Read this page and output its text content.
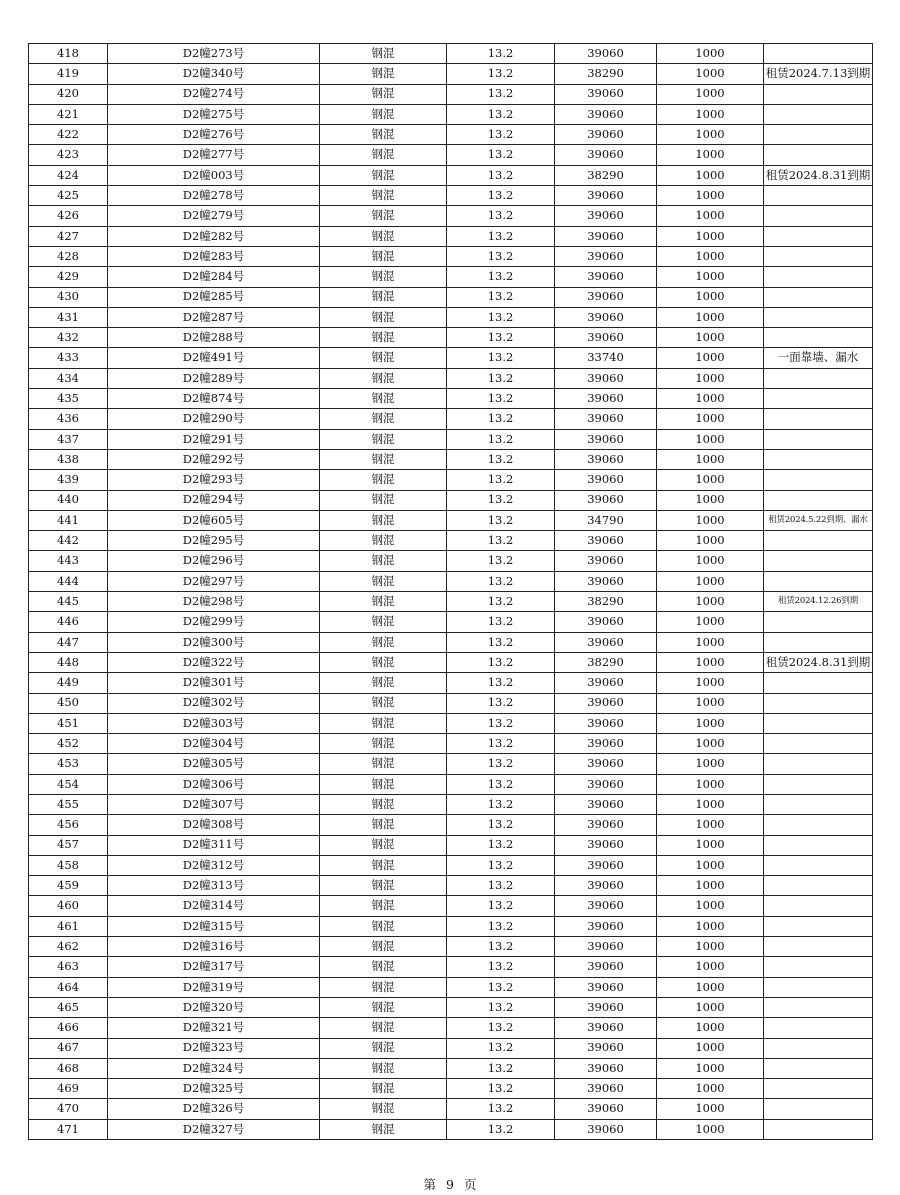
418	D2幢273号	钢混	13.2	39060	1000	
419	D2幢340号	钢混	13.2	38290	1000	租赁2024.7.13到期
420	D2幢274号	钢混	13.2	39060	1000	
421	D2幢275号	钢混	13.2	39060	1000	
422	D2幢276号	钢混	13.2	39060	1000	
423	D2幢277号	钢混	13.2	39060	1000	
424	D2幢003号	钢混	13.2	38290	1000	租赁2024.8.31到期
425	D2幢278号	钢混	13.2	39060	1000	
426	D2幢279号	钢混	13.2	39060	1000	
427	D2幢282号	钢混	13.2	39060	1000	
428	D2幢283号	钢混	13.2	39060	1000	
429	D2幢284号	钢混	13.2	39060	1000	
430	D2幢285号	钢混	13.2	39060	1000	
431	D2幢287号	钢混	13.2	39060	1000	
432	D2幢288号	钢混	13.2	39060	1000	
433	D2幢491号	钢混	13.2	33740	1000	一面靠墙、漏水
434	D2幢289号	钢混	13.2	39060	1000	
435	D2幢874号	钢混	13.2	39060	1000	
436	D2幢290号	钢混	13.2	39060	1000	
437	D2幢291号	钢混	13.2	39060	1000	
438	D2幢292号	钢混	13.2	39060	1000	
439	D2幢293号	钢混	13.2	39060	1000	
440	D2幢294号	钢混	13.2	39060	1000	
441	D2幢605号	钢混	13.2	34790	1000	租赁2024.5.22到期、漏水
442	D2幢295号	钢混	13.2	39060	1000	
443	D2幢296号	钢混	13.2	39060	1000	
444	D2幢297号	钢混	13.2	39060	1000	
445	D2幢298号	钢混	13.2	38290	1000	租赁2024.12.26到期
446	D2幢299号	钢混	13.2	39060	1000	
447	D2幢300号	钢混	13.2	39060	1000	
448	D2幢322号	钢混	13.2	38290	1000	租赁2024.8.31到期
449	D2幢301号	钢混	13.2	39060	1000	
450	D2幢302号	钢混	13.2	39060	1000	
451	D2幢303号	钢混	13.2	39060	1000	
452	D2幢304号	钢混	13.2	39060	1000	
453	D2幢305号	钢混	13.2	39060	1000	
454	D2幢306号	钢混	13.2	39060	1000	
455	D2幢307号	钢混	13.2	39060	1000	
456	D2幢308号	钢混	13.2	39060	1000	
457	D2幢311号	钢混	13.2	39060	1000	
458	D2幢312号	钢混	13.2	39060	1000	
459	D2幢313号	钢混	13.2	39060	1000	
460	D2幢314号	钢混	13.2	39060	1000	
461	D2幢315号	钢混	13.2	39060	1000	
462	D2幢316号	钢混	13.2	39060	1000	
463	D2幢317号	钢混	13.2	39060	1000	
464	D2幢319号	钢混	13.2	39060	1000	
465	D2幢320号	钢混	13.2	39060	1000	
466	D2幢321号	钢混	13.2	39060	1000	
467	D2幢323号	钢混	13.2	39060	1000	
468	D2幢324号	钢混	13.2	39060	1000	
469	D2幢325号	钢混	13.2	39060	1000	
470	D2幢326号	钢混	13.2	39060	1000	
471	D2幢327号	钢混	13.2	39060	1000	
第 9 页
